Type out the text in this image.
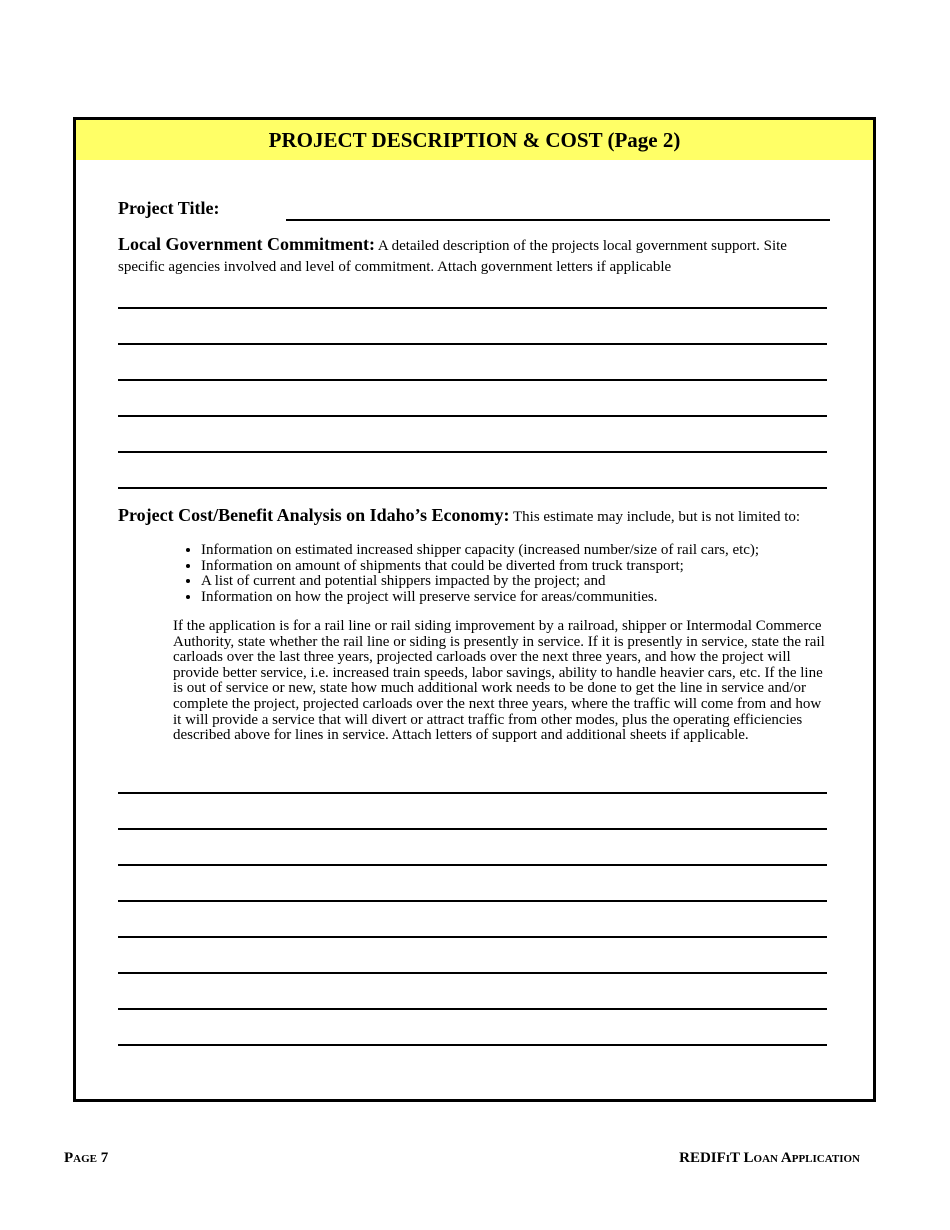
PROJECT DESCRIPTION & COST (Page 2)
Project Title:
Local Government Commitment: A detailed description of the projects local government support. Site specific agencies involved and level of commitment. Attach government letters if applicable
Project Cost/Benefit Analysis on Idaho’s Economy: This estimate may include, but is not limited to:
• Information on estimated increased shipper capacity (increased number/size of rail cars, etc);
• Information on amount of shipments that could be diverted from truck transport;
• A list of current and potential shippers impacted by the project; and
• Information on how the project will preserve service for areas/communities.

If the application is for a rail line or rail siding improvement by a railroad, shipper or Intermodal Commerce Authority, state whether the rail line or siding is presently in service. If it is presently in service, state the rail carloads over the last three years, projected carloads over the next three years, and how the project will provide better service, i.e. increased train speeds, labor savings, ability to handle heavier cars, etc. If the line is out of service or new, state how much additional work needs to be done to get the line in service and/or complete the project, projected carloads over the next three years, where the traffic will come from and how it will provide a service that will divert or attract traffic from other modes, plus the operating efficiencies described above for lines in service. Attach letters of support and additional sheets if applicable.

Page 7	REDIFiT Loan Application
